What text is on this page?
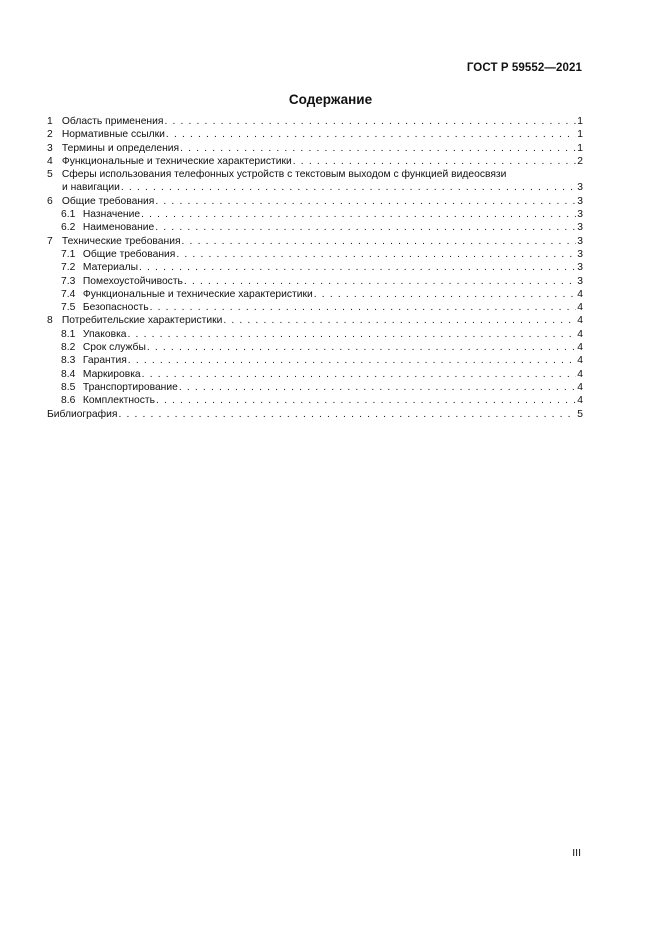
ГОСТ Р 59552—2021
Содержание
1 Область применения . . .	1
2 Нормативные ссылки . . .	1
3 Термины и определения . . .	1
4 Функциональные и технические характеристики . . .	2
5 Сферы использования телефонных устройств с текстовым выходом с функцией видеосвязи
и навигации . . .	3
6 Общие требования . . .	3
6.1 Назначение . . .	3
6.2 Наименование . . .	3
7 Технические требования . . .	3
7.1 Общие требования . . .	3
7.2 Материалы . . .	3
7.3 Помехоустойчивость . . .	3
7.4 Функциональные и технические характеристики . . .	4
7.5 Безопасность . . .	4
8 Потребительские характеристики . . .	4
8.1 Упаковка . . .	4
8.2 Срок службы . . .	4
8.3 Гарантия . . .	4
8.4 Маркировка . . .	4
8.5 Транспортирование . . .	4
8.6 Комплектность . . .	4
Библиография . . .	5
III
